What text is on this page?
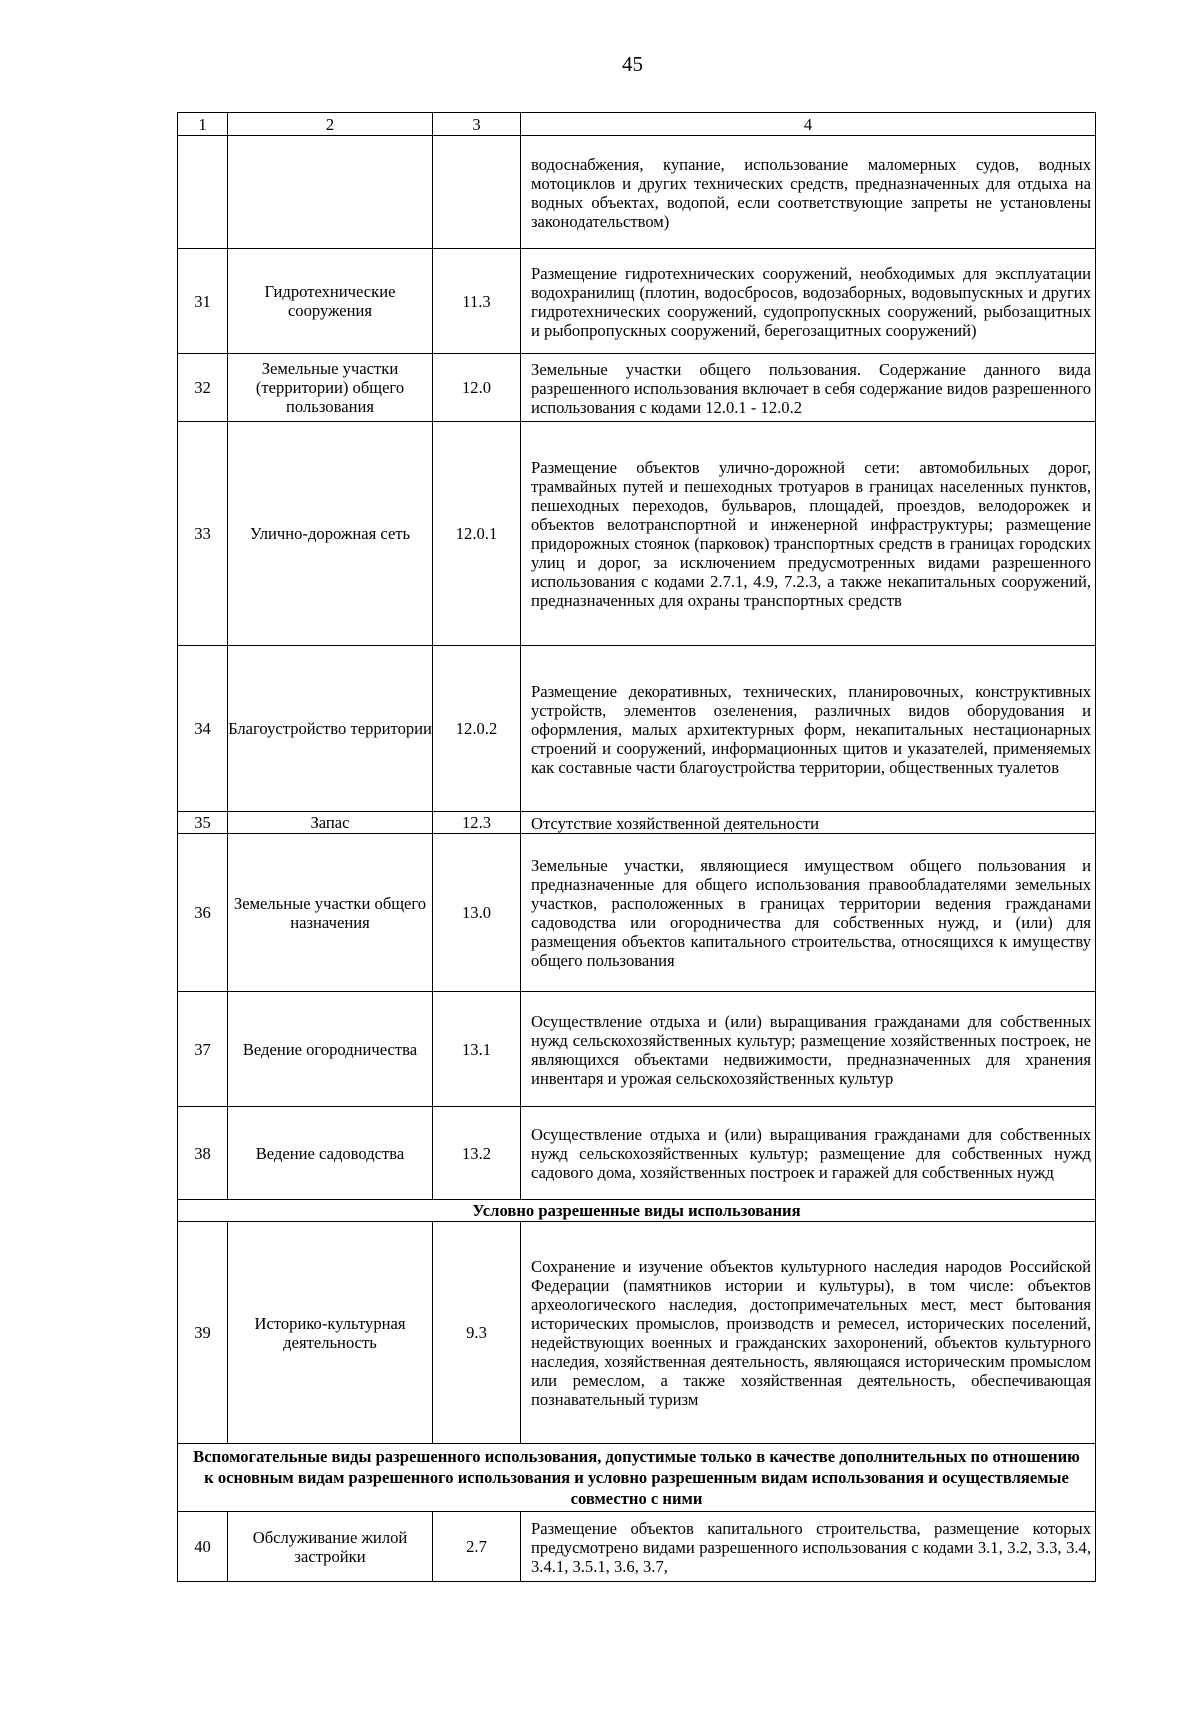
45
1	2	3	4
			водоснабжения, купание, использование маломерных судов, водных мотоциклов и других технических средств, предназначенных для отдыха на водных объектах, водопой, если соответствующие запреты не установлены законодательством)
31	Гидротехнические сооружения	11.3	Размещение гидротехнических сооружений, необходимых для эксплуатации водохранилищ (плотин, водосбросов, водозаборных, водовыпускных и других гидротехнических сооружений, судопропускных сооружений, рыбозащитных и рыбопропускных сооружений, берегозащитных сооружений)
32	Земельные участки (территории) общего пользования	12.0	Земельные участки общего пользования. Содержание данного вида разрешенного использования включает в себя содержание видов разрешенного использования с кодами 12.0.1 - 12.0.2
33	Улично-дорожная сеть	12.0.1	Размещение объектов улично-дорожной сети: автомобильных дорог, трамвайных путей и пешеходных тротуаров в границах населенных пунктов, пешеходных переходов, бульваров, площадей, проездов, велодорожек и объектов велотранспортной и инженерной инфраструктуры; размещение придорожных стоянок (парковок) транспортных средств в границах городских улиц и дорог, за исключением предусмотренных видами разрешенного использования с кодами 2.7.1, 4.9, 7.2.3, а также некапитальных сооружений, предназначенных для охраны транспортных средств
34	Благоустройство территории	12.0.2	Размещение декоративных, технических, планировочных, конструктивных устройств, элементов озеленения, различных видов оборудования и оформления, малых архитектурных форм, некапитальных нестационарных строений и сооружений, информационных щитов и указателей, применяемых как составные части благоустройства территории, общественных туалетов
35	Запас	12.3	Отсутствие хозяйственной деятельности
36	Земельные участки общего назначения	13.0	Земельные участки, являющиеся имуществом общего пользования и предназначенные для общего использования правообладателями земельных участков, расположенных в границах территории ведения гражданами садоводства или огородничества для собственных нужд, и (или) для размещения объектов капитального строительства, относящихся к имуществу общего пользования
37	Ведение огородничества	13.1	Осуществление отдыха и (или) выращивания гражданами для собственных нужд сельскохозяйственных культур; размещение хозяйственных построек, не являющихся объектами недвижимости, предназначенных для хранения инвентаря и урожая сельскохозяйственных культур
38	Ведение садоводства	13.2	Осуществление отдыха и (или) выращивания гражданами для собственных нужд сельскохозяйственных культур; размещение для собственных нужд садового дома, хозяйственных построек и гаражей для собственных нужд
Условно разрешенные виды использования			
39	Историко-культурная деятельность	9.3	Сохранение и изучение объектов культурного наследия народов Российской Федерации (памятников истории и культуры), в том числе: объектов археологического наследия, достопримечательных мест, мест бытования исторических промыслов, производств и ремесел, исторических поселений, недействующих военных и гражданских захоронений, объектов культурного наследия, хозяйственная деятельность, являющаяся историческим промыслом или ремеслом, а также хозяйственная деятельность, обеспечивающая познавательный туризм
Вспомогательные виды разрешенного использования, допустимые только в качестве дополнительных по отношению к основным видам разрешенного использования и условно разрешенным видам использования и осуществляемые совместно с ними			
40	Обслуживание жилой застройки	2.7	Размещение объектов капитального строительства, размещение которых предусмотрено видами разрешенного использования с кодами 3.1, 3.2, 3.3, 3.4, 3.4.1, 3.5.1, 3.6, 3.7,
